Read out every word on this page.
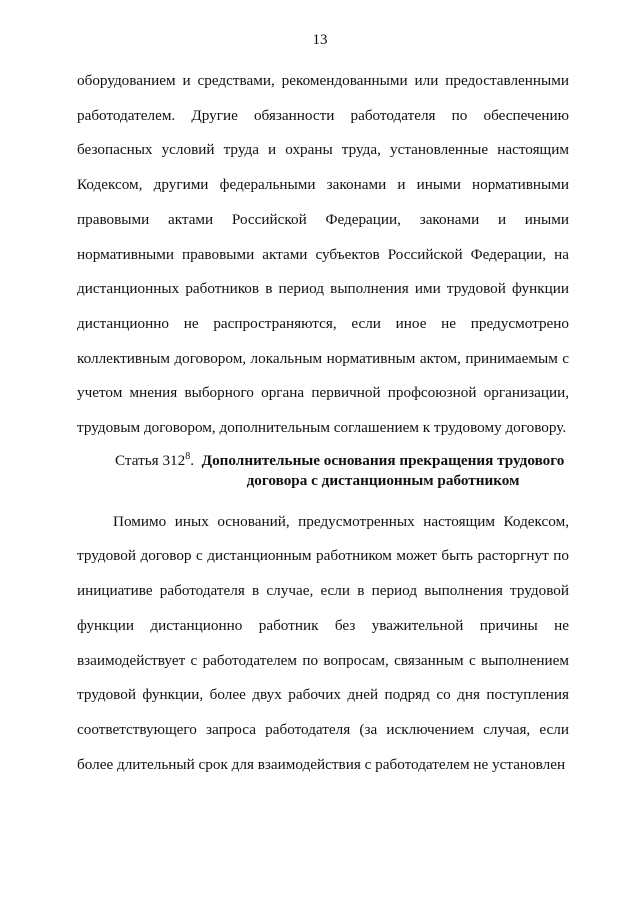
13

оборудованием и средствами, рекомендованными или предоставленными работодателем. Другие обязанности работодателя по обеспечению безопасных условий труда и охраны труда, установленные настоящим Кодексом, другими федеральными законами и иными нормативными правовыми актами Российской Федерации, законами и иными нормативными правовыми актами субъектов Российской Федерации, на дистанционных работников в период выполнения ими трудовой функции дистанционно не распространяются, если иное не предусмотрено коллективным договором, локальным нормативным актом, принимаемым с учетом мнения выборного органа первичной профсоюзной организации, трудовым договором, дополнительным соглашением к трудовому договору.

Статья $312^8$. Дополнительные основания прекращения трудового договора с дистанционным работником

Помимо иных оснований, предусмотренных настоящим Кодексом, трудовой договор с дистанционным работником может быть расторгнут по инициативе работодателя в случае, если в период выполнения трудовой функции дистанционно работник без уважительной причины не взаимодействует с работодателем по вопросам, связанным с выполнением трудовой функции, более двух рабочих дней подряд со дня поступления соответствующего запроса работодателя (за исключением случая, если более длительный срок для взаимодействия с работодателем не установлен
